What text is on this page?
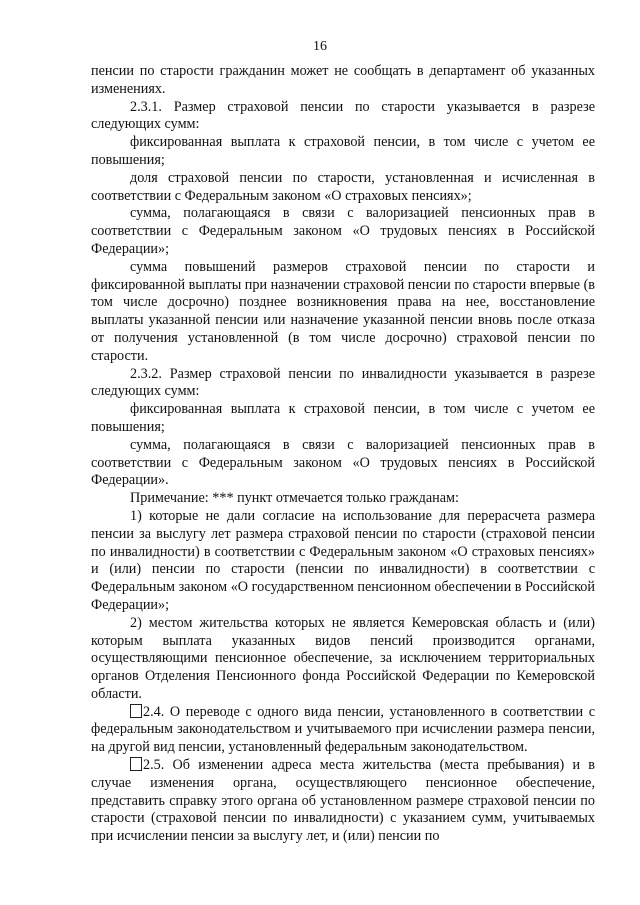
16

пенсии по старости гражданин может не сообщать в департамент об указанных изменениях.

2.3.1. Размер страховой пенсии по старости указывается в разрезе следующих сумм:

фиксированная выплата к страховой пенсии, в том числе с учетом ее повышения;

доля страховой пенсии по старости, установленная и исчисленная в соответствии с Федеральным законом «О страховых пенсиях»;

сумма, полагающаяся в связи с валоризацией пенсионных прав в соответствии с Федеральным законом «О трудовых пенсиях в Российской Федерации»;

сумма повышений размеров страховой пенсии по старости и фиксированной выплаты при назначении страховой пенсии по старости впервые (в том числе досрочно) позднее возникновения права на нее, восстановление выплаты указанной пенсии или назначение указанной пенсии вновь после отказа от получения установленной (в том числе досрочно) страховой пенсии по старости.

2.3.2. Размер страховой пенсии по инвалидности указывается в разрезе следующих сумм:

фиксированная выплата к страховой пенсии, в том числе с учетом ее повышения;

сумма, полагающаяся в связи с валоризацией пенсионных прав в соответствии с Федеральным законом «О трудовых пенсиях в Российской Федерации».

Примечание: *** пункт отмечается только гражданам:

1) которые не дали согласие на использование для перерасчета размера пенсии за выслугу лет размера страховой пенсии по старости (страховой пенсии по инвалидности) в соответствии с Федеральным законом «О страховых пенсиях» и (или) пенсии по старости (пенсии по инвалидности) в соответствии с Федеральным законом «О государственном пенсионном обеспечении в Российской Федерации»;

2) местом жительства которых не является Кемеровская область и (или) которым выплата указанных видов пенсий производится органами, осуществляющими пенсионное обеспечение, за исключением территориальных органов Отделения Пенсионного фонда Российской Федерации по Кемеровской области.

2.4. О переводе с одного вида пенсии, установленного в соответствии с федеральным законодательством и учитываемого при исчислении размера пенсии, на другой вид пенсии, установленный федеральным законодательством.

2.5. Об изменении адреса места жительства (места пребывания) и в случае изменения органа, осуществляющего пенсионное обеспечение, представить справку этого органа об установленном размере страховой пенсии по старости (страховой пенсии по инвалидности) с указанием сумм, учитываемых при исчислении пенсии за выслугу лет, и (или) пенсии по
